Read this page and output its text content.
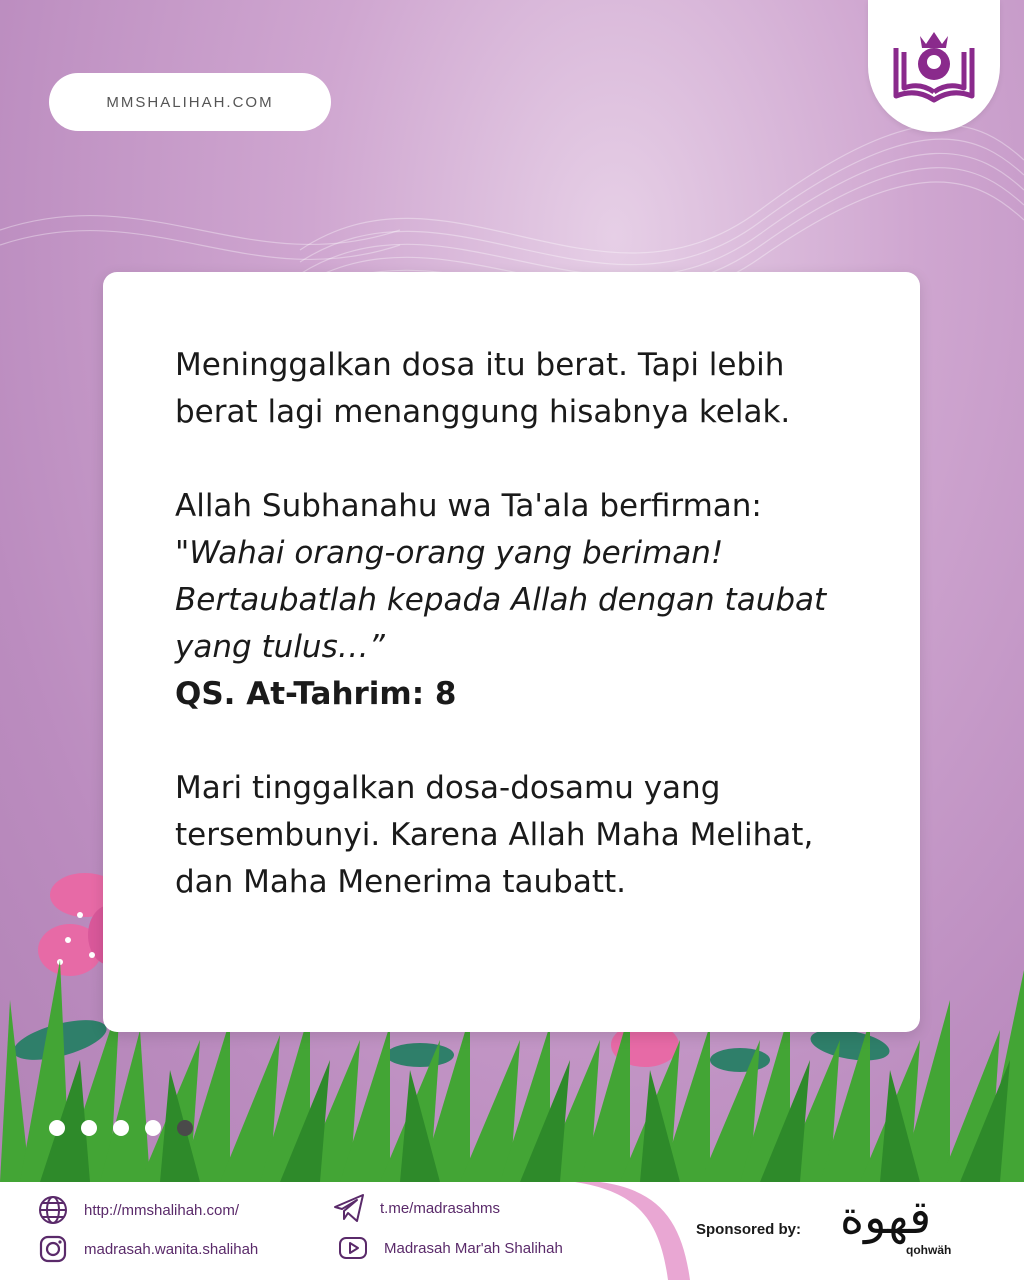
MMSHALIHAH.COM

Meninggalkan dosa itu berat. Tapi lebih berat lagi menanggung hisabnya kelak.

Allah Subhanahu wa Ta'ala berfirman:

"Wahai orang-orang yang beriman! Bertaubatlah kepada Allah dengan taubat yang tulus…”

QS. At-Tahrim: 8

Mari tinggalkan dosa-dosamu yang tersembunyi. Karena Allah Maha Melihat, dan Maha Menerima taubatt.

http://mmshalihah.com/
madrasah.wanita.shalihah
t.me/madrasahms
Madrasah Mar'ah Shalihah
Sponsored by: قهوة
qohwäh
